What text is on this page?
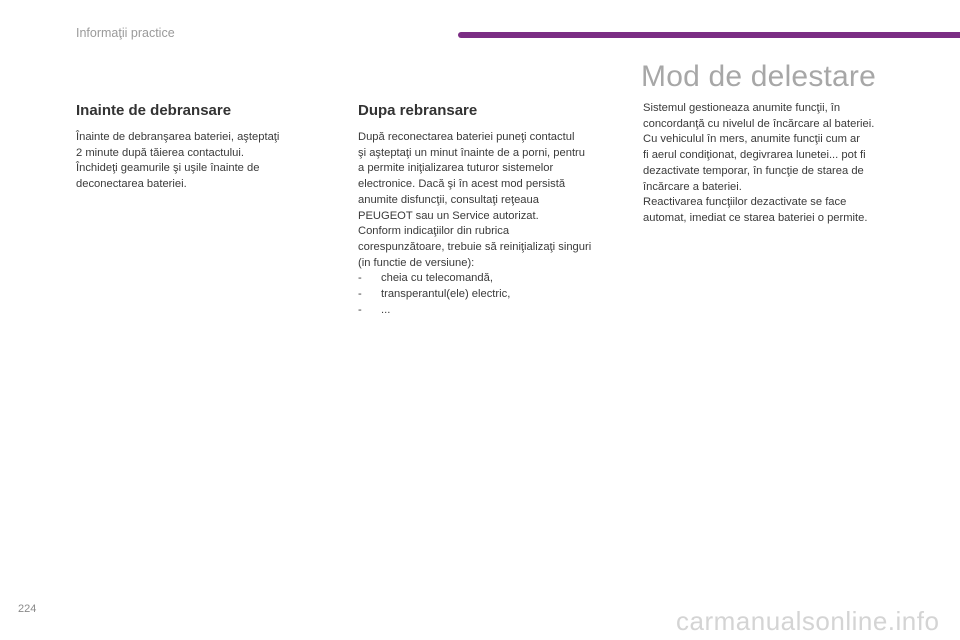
Informaţii practice
Inainte de debransare

Înainte de debranşarea bateriei, aşteptaţi

2 minute după tăierea contactului.

Închideţi geamurile şi uşile înainte de

deconectarea bateriei.

Dupa rebransare

După reconectarea bateriei puneţi contactul

şi aşteptaţi un minut înainte de a porni, pentru

a permite iniţializarea tuturor sistemelor

electronice. Dacă şi în acest mod persistă

anumite disfuncţii, consultaţi reţeaua

PEUGEOT sau un Service autorizat.

Conform indicaţiilor din rubrica

corespunzătoare, trebuie să reiniţializaţi singuri

(in functie de versiune):

- cheia cu telecomandă,
- transperantul(ele) electric,
- ...
Mod de delestare

Sistemul gestioneaza anumite funcţii, în

concordanţă cu nivelul de încărcare al bateriei.

Cu vehiculul în mers, anumite funcţii cum ar

fi aerul condiţionat, degivrarea lunetei... pot fi

dezactivate temporar, în funcţie de starea de

încărcare a bateriei.

Reactivarea funcţiilor dezactivate se face

automat, imediat ce starea bateriei o permite.

224	carmanualsonline.info
